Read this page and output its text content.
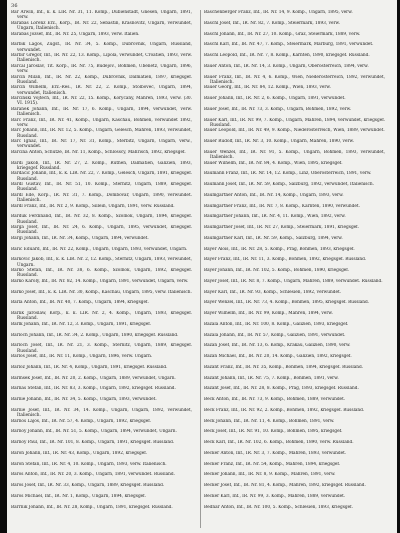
36
Bar Arwin, Inf., k. k. LIR. Nr. 31, 11. Komp., Dubienstadt, Gnesen, Ungarn, 1891, verw.
Barabás Lorenz Erz., Korp., IR. Nr. 22, Sebastin, Krasnovitz, Ungarn, verwundet, Ungarn, Italienisch.
Barabás Jozsef, Inf., IR. Nr. 25, Ungarn, 1893, verw. Italien.
Barbik Lagos, Zugsf., IR. Nr. 34, 5. Komp., Dubrovnik, Ungarn, Russland, verwundet.
Barbir Gregor, Inf., IR. Nr. 22, 13. Komp., Lipola, verwundet, Croatien, 1893, verw. Italienisch.
Barčal Jaroslav, Tit. Korp., IR. Nr. 75, Budějov., Böhmen, Ubenetz, Ungarn, 1896, verw.
Barcin Milan, Inf., IR. Nr. 22, Komp., Dubrovnik, Dalmatien, 1897, kriegsgef. Russland.
Barčin Wilhelm, Erz.-Res., IR. Nr. 22, 2. Komp., Stolbovec, Ungarn, 1894, verwundet, Italienisch.
Barčinski Vojtěch, Inf., IR. Nr. 22, 15. Komp., Koryčany, Mähren, 1893, verw. (30. VI. 1915).
Baráněk Johann, Inf., IR. Nr. 17, 6. Komp., Ungarn, 1894, verwundet, verw. Italienisch.
Bärč Franz, Inf., IR. Nr. 41, Komp., Ungarn, Kaschau, Böhmen, verwundet 1892, verw.
Bärč Johann, Inf., IR. Nr. 12, 5. Komp., Ungarn, Gelesch, Mähren, 1893, verwundet, Russland.
Bärč Ignaz, Inf., IR. Nr. 17, Nr. 31, Komp., Sterbitz, Ungarn, Ungarn, verw., verwundet.
Barčina Anton, Schütze, IR. Nr. 11, Komp., Schlosscy, Mährisch, 1892, kriegsgef.
Bardi Jakob, Inf., IR. Nr. 27, 2. Komp., Ruthen, Dalmatien, Galizien, 1893, kriegsgef. Russland.
Bardačič Johann, Inf., k. k. LIR. Nr. 22, 7. Komp., Gelesch, Ungarn, 1891, kriegsgef. Russland.
Bardl Gustav, Inf., IR. Nr. 51, 10. Komp., Sternitz, Ungarn, 1889, kriegsgef. Russland.
Bardl Ede, Korp., IR. Nr. 31, 7. Komp., Dombovar, Ungarn, 1890, verwundet. Italienisch.
Bardl Franz, Inf., IR. Nr. 2, 9. Komp., Sillein, Ungarn, 1891, verw. Russland.
Barduk Ferdinand, Inf., IR. Nr. 32, 8. Komp., Szolnok, Ungarn, 1894, kriegsgef. Russland.
Barga Josef, Inf., IR. Nr. 24, 6. Komp., Ungarn, 1895, verwundet, kriegsgef. Russland.
Bargi Johann, Inf., IR. Nr. 34, Komp., Ungarn, 1894, verwundet.
Barič Eduard, Inf., IR. Nr. 22, Komp., Ungarn, Ungarn, 1893, verwundet, Ungarn.
Barkovic Jakob, Inf., k. k. LIR. Nr. 2, 12. Komp., Sternitz, Ungarn, 1893, verwundet, Ungarn.
Barkó Stefan, Inf., IR. Nr. 38, 6. Komp., Szolnok, Ungarn, 1892, kriegsgef. Russland.
Barkó Károly, Inf., IR. Nr. 82, 14. Komp., Ungarn, 1891, verwundet, Ungarn, verw.
Barkó Josef, Inf., k. k. LIR. Nr. 30, Komp., Kaschau, Ungarn, 1895, verw. Italienisch.
Bárlá Anton, Inf., IR. Nr. 40, 7. Komp., Ungarn, 1894, kriegsgef.
Barlik Jaroslaw, Korp., k. k. LIR. Nr. 2, 4. Komp., Ungarn, 1893, kriegsgef. Russland.
Bárlk Johann, Inf., IR. Nr. 12, 3. Komp., Ungarn, 1891, kriegsgef.
Barloch Johann, Inf., IR. Nr. 34, 2. Komp., Ungarn, 1890, kriegsgef. Russland.
Barloch Josef, Inf., IR. Nr. 21, 3. Komp., Sternitz, Ungarn, 1889, kriegsgef. Russland.
Barlos Josef, Inf., IR. Nr. 11, Komp., Ungarn, 1896, verw. Ungarn.
Barloz Johann, Inf., IR. Nr. 4, Komp., Ungarn, 1891, kriegsgef. Russland.
Barmsek Josef, Inf., IR. Nr. 20, 2. Komp., Ungarn, 1889, verwundet, Ungarn.
Barnaš Stefan, Inf., IR. Nr. 83, 3. Komp., Ungarn, 1892, kriegsgef. Russland.
Barnie Johann, Inf., IR. Nr. 34, 5. Komp., Ungarn, 1893, verwundet.
Barnie Josef, Inf., IR. Nr. 34, 14. Komp., Ungarn, Ungarn, 1892, verwundet, Italienisch.
Barnoš Lajos, Inf., IR. Nr. 57, 4. Komp., Ungarn, 1892, kriegsgef.
Barnóy Johann, Inf., IR. Nr. 51, 5. Komp., Ungarn, 1894, verwundet, Ungarn.
Barnóy Paul, Inf., IR. Nr. 101, 8. Komp., Ungarn, 1891, kriegsgef. Russland.
Baron Johann, Inf., IR. Nr. 43, Komp., Ungarn, 1892, kriegsgef.
Baron Stefan, Inf., IR. Nr. 4, 10. Komp., Ungarn, 1893, verw. Italienisch.
Baroš Anton, Inf., IR. Nr. 20, 3. Komp., Ungarn, 1891, verwundet. Russland.
Baroš Josef, Inf., IR. Nr. 33, Komp., Ungarn, 1889, kriegsgef. Russland.
Baroš Michael, Inf., IR. Nr. 1, Komp., Ungarn, 1894, kriegsgef.
Barrnik Johann, Inf., IR. Nr. 28, Komp., Ungarn, 1891, kriegsgef. Russland.
Baschenberger Franz, Inf., IR. Nr. 14, 9. Komp., Ungarn, 1895, verw.
Baschl Josef, Inf., IR. Nr. 82, 7. Komp., Steiermark, 1893, verw.
Baschl Johann, Inf., IR. Nr. 27, 10. Komp., Graz, Steiermark, 1889, verw.
Baschl Karl, Inf., IR. Nr. 47, 7. Komp., Steiermark, Marburg, 1891, verwundet.
Baschl Leopold, Inf., IR. Nr. 7, 8. Komp., Kärnten, 1890, kriegsgef. Russland.
Bauer Anton, Inf., IR. Nr. 14, 3. Komp., Ungarn, Oberösterreich, 1894, verw.
Bauer Franz, Inf., IR. Nr. 4, 6. Komp., Wien, Niederösterreich, 1892, verwundet, Italienisch.
Bauer Georg, Inf., IR. Nr. 84, 12. Komp., Wien, 1893, verw.
Bauer Johann, Inf., IR. Nr. 2, 6. Komp., Ungarn, 1891, verwundet.
Bauer Josef, Inf., IR. Nr. 73, 3. Komp., Ungarn, Böhmen, 1892, verw.
Bauer Karl, Inf., IR. Nr. 99, 7. Komp., Ungarn, Mähren, 1894, verwundet, kriegsgef. Russland.
Bauer Leopold, Inf., IR. Nr. 49, 9. Komp., Niederösterreich, Wien, 1889, verwundet.
Bauer Rudolf, Inf., IR. Nr. 3, 10. Komp., Ungarn, Mähren, 1890, verw.
Bauer Wenzel, Inf., IR. Nr. 91, 5. Komp., Ungarn, Böhmen, 1893, verwundet, Italienisch.
Bauer Wilhelm, Inf., IR. Nr. 84, 4. Komp., Wien, 1895, kriegsgef.
Baumann Franz, Inf., IR. Nr. 14, 12. Komp., Linz, Oberösterreich, 1891, verw.
Baumann Josef, Inf., IR. Nr. 59, Komp., Salzburg, 1892, verwundet, Italienisch.
Baumgartner Anton, Inf., IR. Nr. 14, Komp., Ungarn, 1893, verw.
Baumgartner Franz, Inf., IR. Nr. 7, 8. Komp., Kärnten, 1890, verwundet.
Baumgartner Johann, Inf., IR. Nr. 4, 11. Komp., Wien, 1892, verw.
Baumgartner Josef, Inf., IR. Nr. 27, Komp., Steiermark, 1891, kriegsgef.
Baumgartner Karl, Inf., IR. Nr. 59, Komp., Salzburg, 1894, verw.
Bayer Alois, Inf., IR. Nr. 28, 5. Komp., Prag, Böhmen, 1893, kriegsgef.
Bayer Franz, Inf., IR. Nr. 11, 3. Komp., Böhmen, 1892, kriegsgef. Russland.
Bayer Johann, Inf., IR. Nr. 102, 5. Komp., Böhmen, 1890, kriegsgef.
Bayer Josef, Inf., IR. Nr. 8, 7. Komp., Ungarn, Mähren, 1889, verwundet. Russland.
Bayer Karl, Inf., IR. Nr. 93, Komp., Schlesien, 1892, verwundet.
Bayer Wenzel, Inf., IR. Nr. 73, 4. Komp., Böhmen, 1895, kriegsgef. Russland.
Bayer Wilhelm, Inf., IR. Nr. 99, Komp., Mähren, 1894, verw.
Bazala Anton, Inf., IR. Nr. 100, 8. Komp., Galizien, 1893, kriegsgef.
Bazala Johann, Inf., IR. Nr. 57, Komp., Galizien, 1891, verwundet.
Bazan Josef, Inf., IR. Nr. 13, 6. Komp., Krakau, Galizien, 1890, verw.
Bazan Michael, Inf., IR. Nr. 20, 14. Komp., Galizien, 1892, kriegsgef.
Bazant Franz, Inf., IR. Nr. 35, Komp., Böhmen, 1894, kriegsgef. Russland.
Bazant Johann, Inf., IR. Nr. 75, 7. Komp., Böhmen, 1891, verw.
Bazant Josef, Inf., IR. Nr. 28, 8. Komp., Prag, 1893, kriegsgef. Russland.
Beck Anton, Inf., IR. Nr. 73, 9. Komp., Böhmen, 1889, verwundet.
Beck Franz, Inf., IR. Nr. 92, 2. Komp., Böhmen, 1892, kriegsgef. Russland.
Beck Johann, Inf., IR. Nr. 11, 4. Komp., Böhmen, 1891, verw.
Beck Josef, Inf., IR. Nr. 91, 10. Komp., Böhmen, 1895, kriegsgef.
Beck Karl, Inf., IR. Nr. 102, 6. Komp., Böhmen, 1890, verw. Russland.
Becker Anton, Inf., IR. Nr. 3, 7. Komp., Mähren, 1893, verwundet.
Becker Franz, Inf., IR. Nr. 54, Komp., Mähren, 1894, kriegsgef.
Becker Johann, Inf., IR. Nr. 8, 9. Komp., Mähren, 1891, verw.
Becker Josef, Inf., IR. Nr. 81, 4. Komp., Mähren, 1892, kriegsgef. Russland.
Becker Karl, Inf., IR. Nr. 99, 3. Komp., Mähren, 1889, verwundet.
Bednar Anton, Inf., IR. Nr. 100, 5. Komp., Schlesien, 1893, kriegsgef.
